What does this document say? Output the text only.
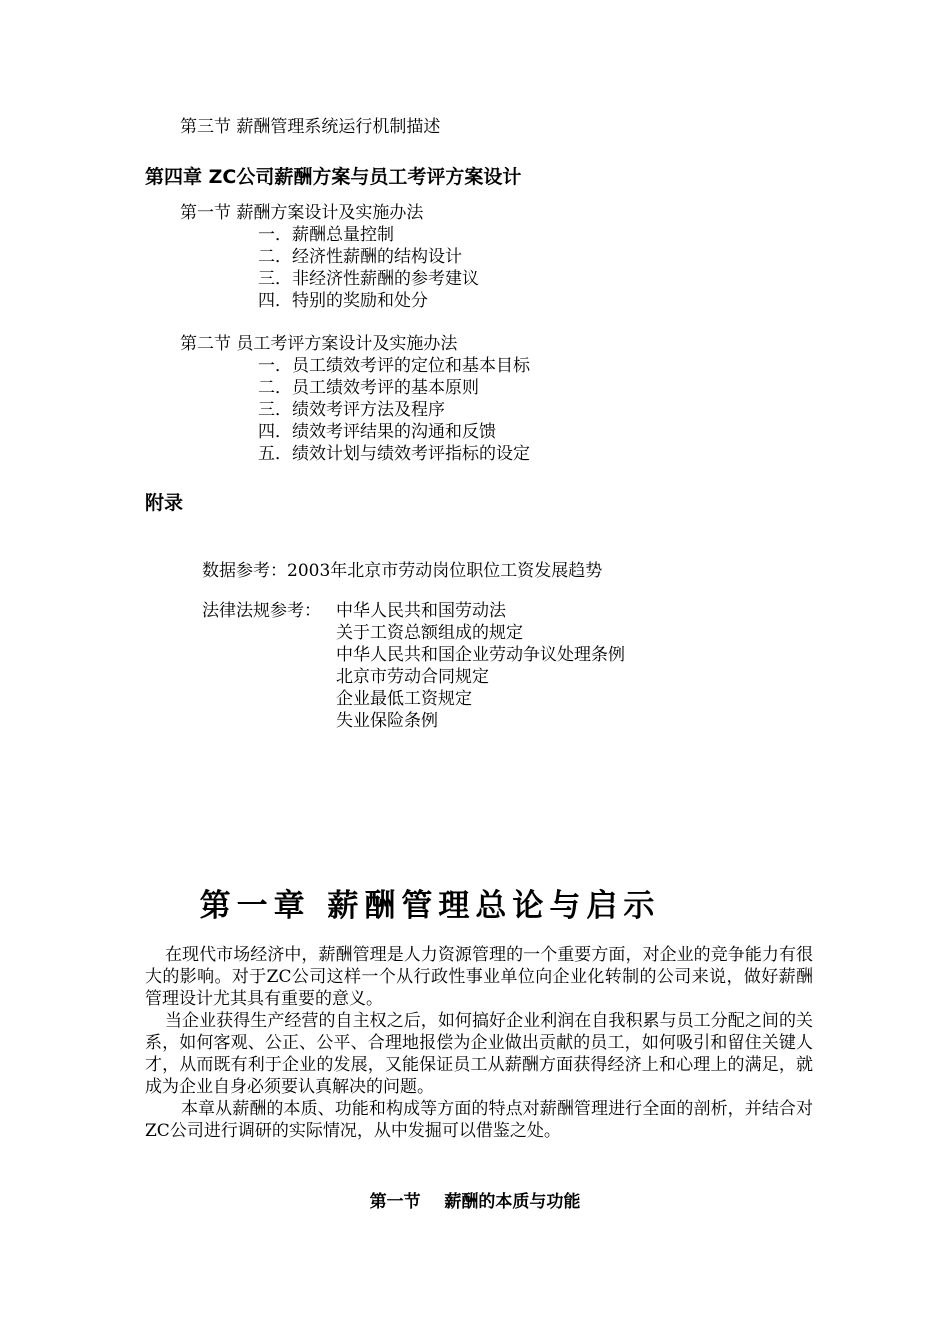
第三节 薪酬管理系统运行机制描述
第四章 ZC公司薪酬方案与员工考评方案设计
第一节 薪酬方案设计及实施办法
一．薪酬总量控制
二．经济性薪酬的结构设计
三．非经济性薪酬的参考建议
四．特别的奖励和处分
第二节 员工考评方案设计及实施办法
一．员工绩效考评的定位和基本目标
二．员工绩效考评的基本原则
三．绩效考评方法及程序
四．绩效考评结果的沟通和反馈
五．绩效计划与绩效考评指标的设定
附录
数据参考：2003年北京市劳动岗位职位工资发展趋势
法律法规参考： 中华人民共和国劳动法
关于工资总额组成的规定
中华人民共和国企业劳动争议处理条例
北京市劳动合同规定
企业最低工资规定
失业保险条例
第一章 薪酬管理总论与启示
在现代市场经济中，薪酬管理是人力资源管理的一个重要方面，对企业的竞争能力有很大的影响。对于ZC公司这样一个从行政性事业单位向企业化转制的公司来说，做好薪酬管理设计尤其具有重要的意义。
当企业获得生产经营的自主权之后，如何搞好企业利润在自我积累与员工分配之间的关系，如何客观、公正、公平、合理地报偿为企业做出贡献的员工，如何吸引和留住关键人才，从而既有利于企业的发展，又能保证员工从薪酬方面获得经济上和心理上的满足，就成为企业自身必须要认真解决的问题。
本章从薪酬的本质、功能和构成等方面的特点对薪酬管理进行全面的剖析，并结合对ZC公司进行调研的实际情况，从中发掘可以借鉴之处。
第一节    薪酬的本质与功能
